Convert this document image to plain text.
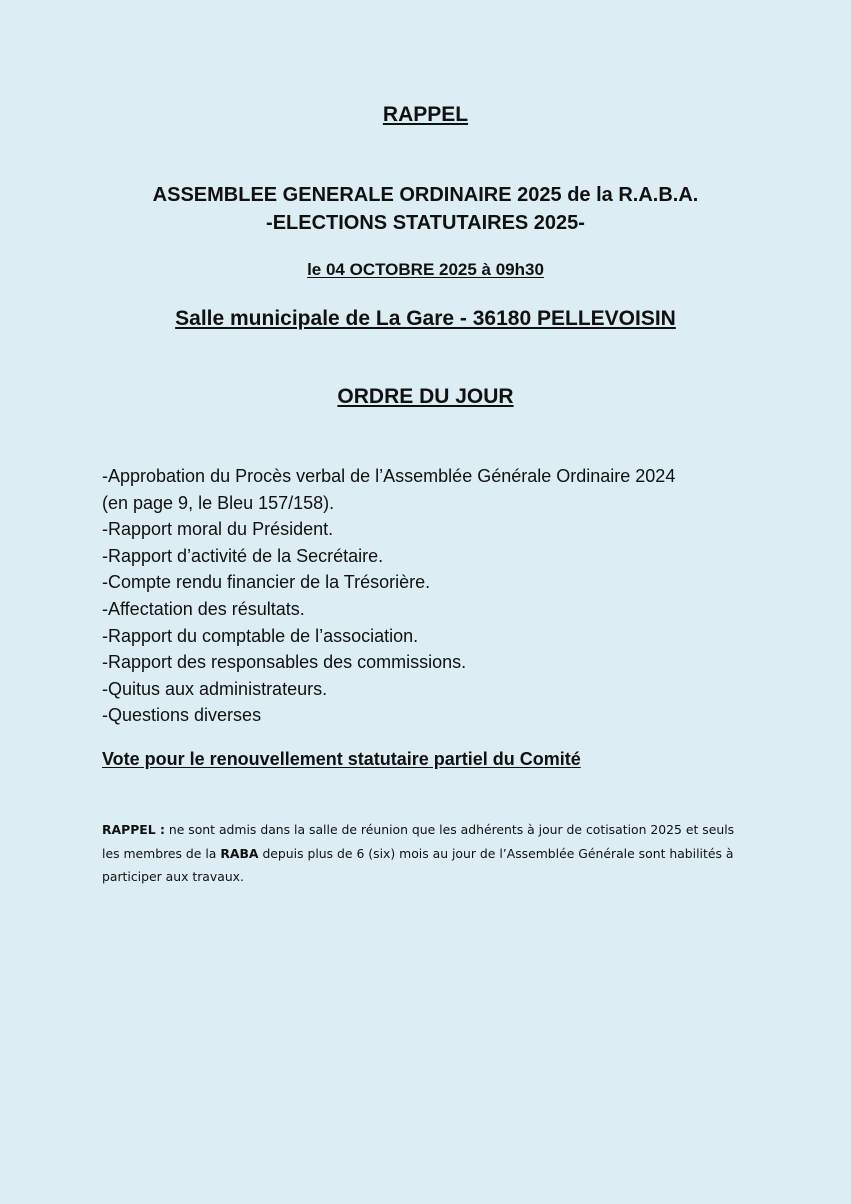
RAPPEL

ASSEMBLEE GENERALE ORDINAIRE 2025 de la R.A.B.A.
-ELECTIONS STATUTAIRES 2025-

le 04 OCTOBRE 2025 à 09h30

Salle municipale de La Gare - 36180 PELLEVOISIN

ORDRE DU JOUR

-Approbation du Procès verbal de l’Assemblée Générale Ordinaire 2024
(en page 9, le Bleu 157/158).
-Rapport moral du Président.
-Rapport d’activité de la Secrétaire.
-Compte rendu financier de la Trésorière.
-Affectation des résultats.
-Rapport du comptable de l’association.
-Rapport des responsables des commissions.
-Quitus aux administrateurs.
-Questions diverses

Vote pour le renouvellement statutaire partiel du Comité

RAPPEL : ne sont admis dans la salle de réunion que les adhérents à jour de cotisation 2025 et seuls les membres de la RABA depuis plus de 6 (six) mois au jour de l’Assemblée Générale sont habilités à participer aux travaux.
